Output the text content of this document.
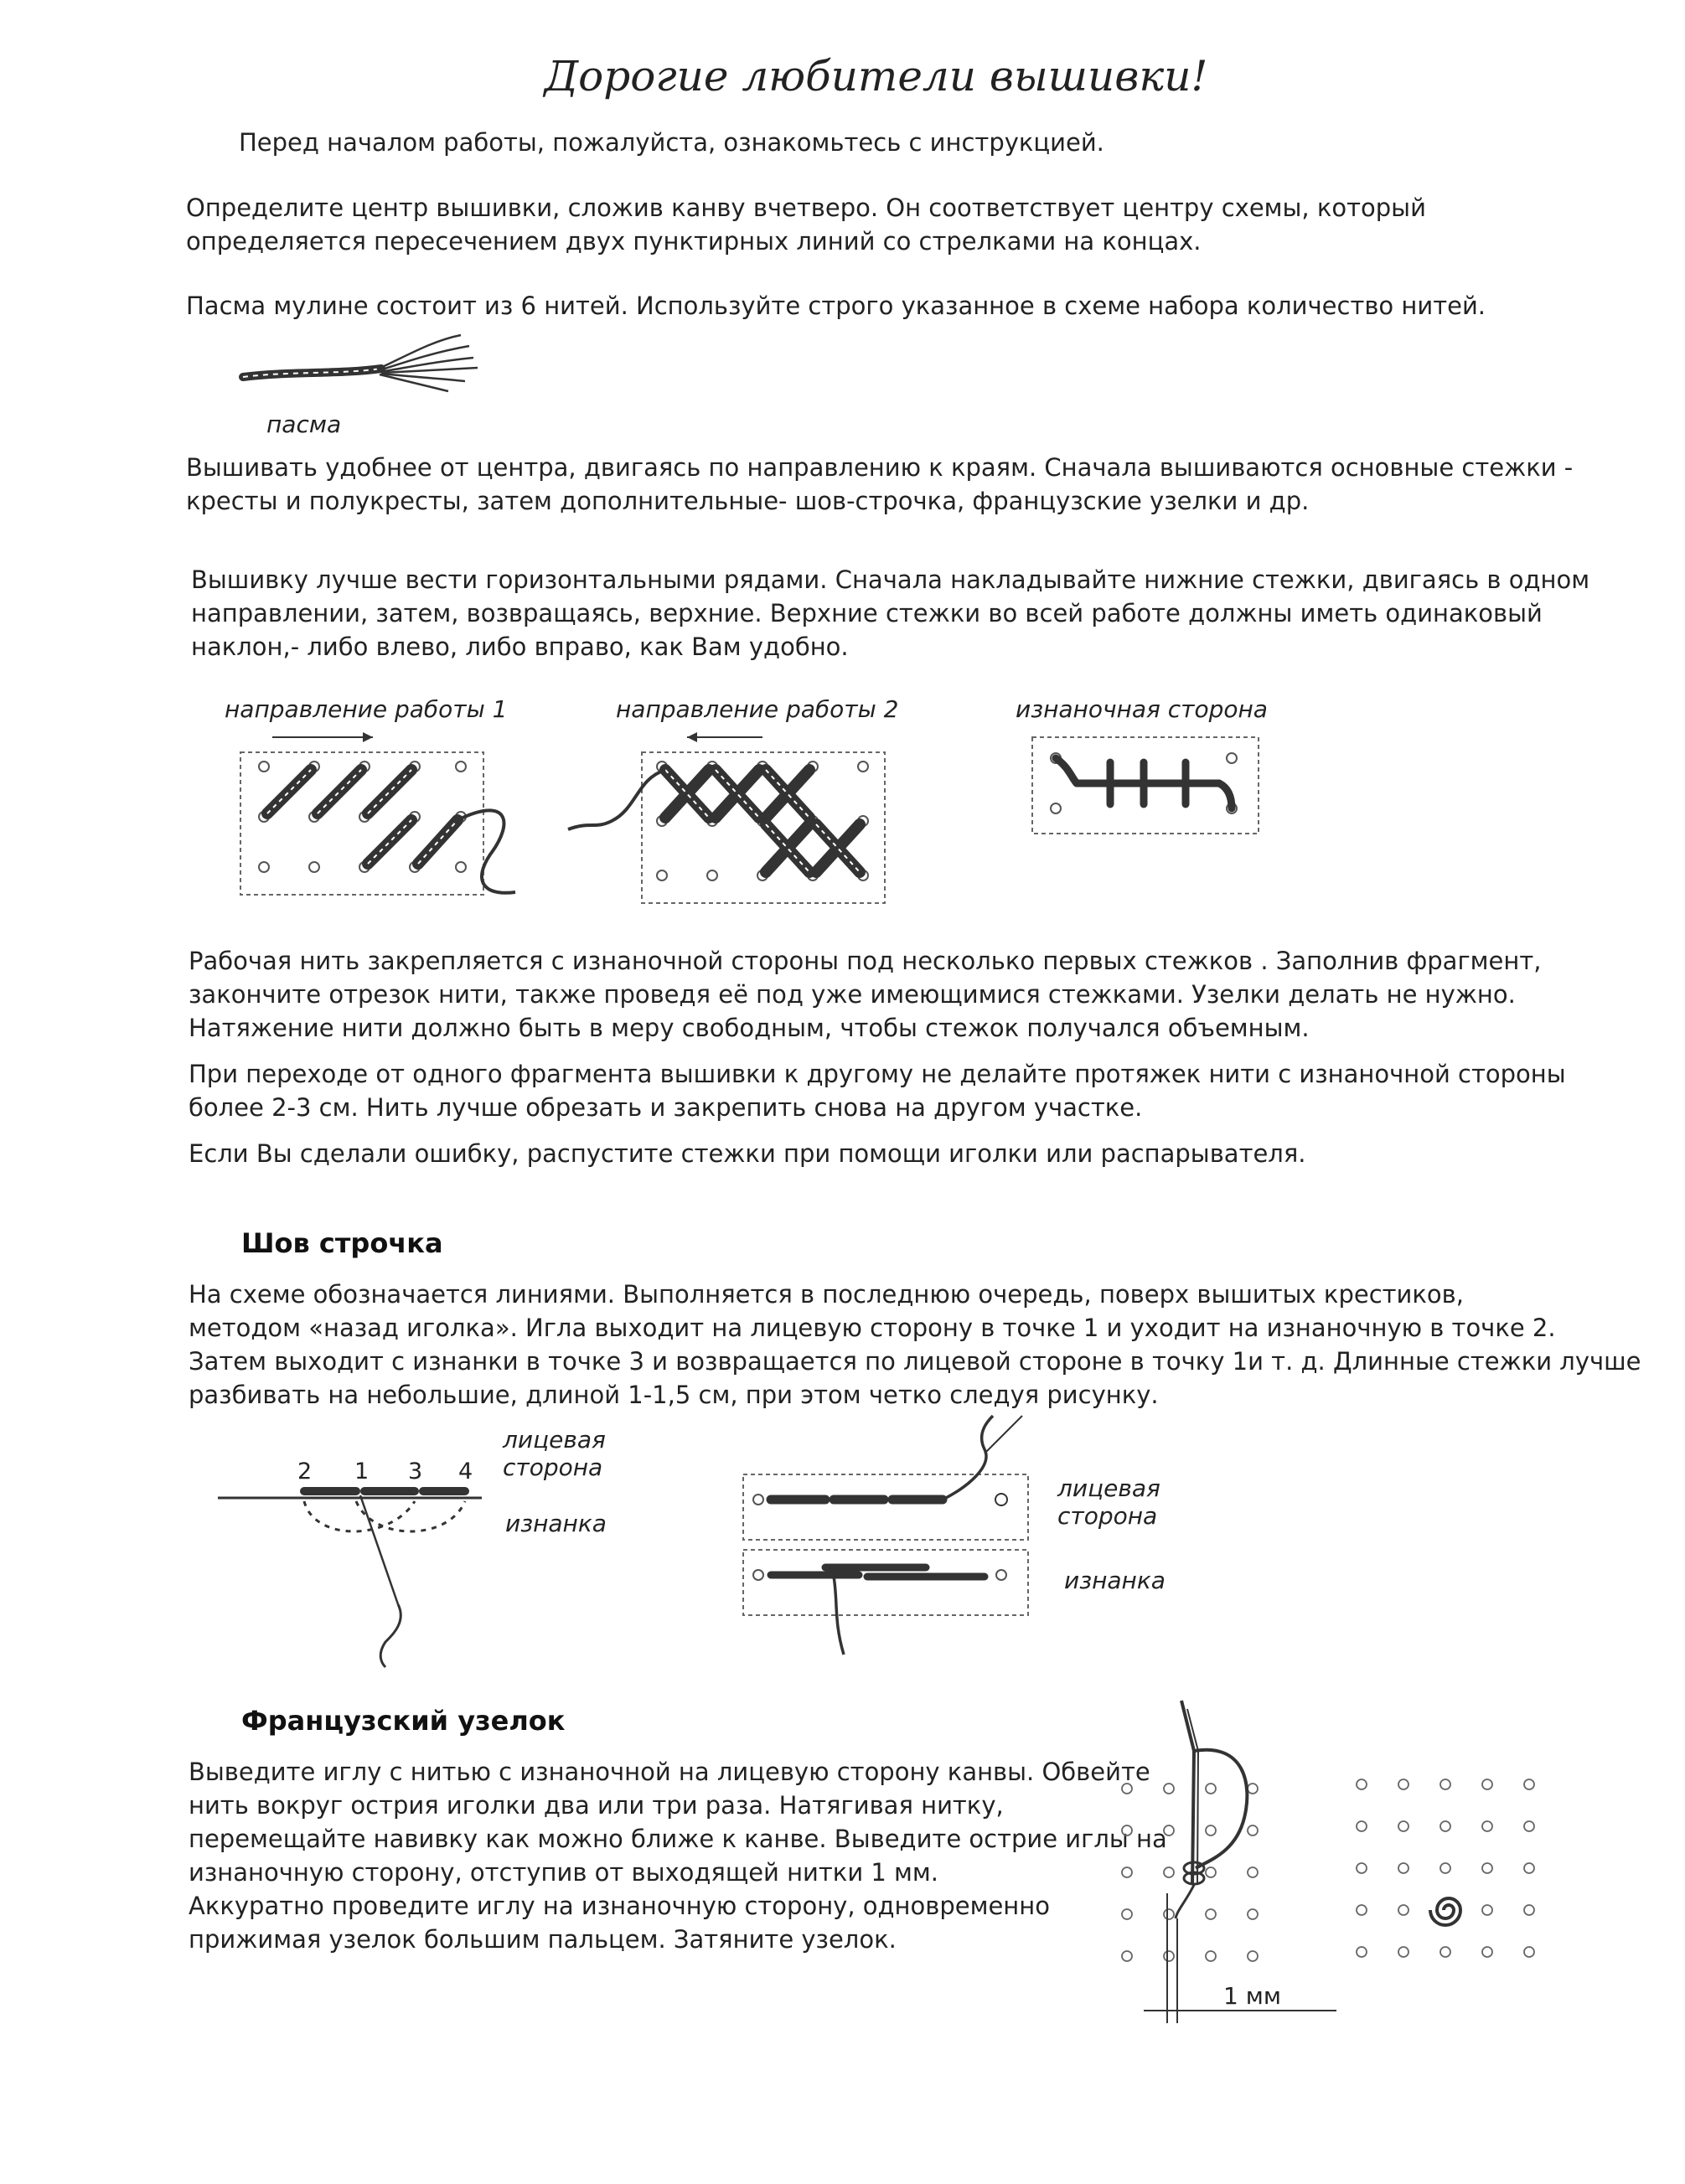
Дорогие любители вышивки!
Перед началом работы, пожалуйста, ознакомьтесь с инструкцией.
Определите центр вышивки, сложив канву вчетверо. Он соответствует центру схемы, который
определяется пересечением двух пунктирных линий со стрелками на концах.
Пасма мулине состоит из 6 нитей. Используйте строго указанное в схеме набора количество нитей.
пасма
Вышивать удобнее от центра, двигаясь по направлению к краям. Сначала вышиваются основные стежки -
кресты и полукресты, затем дополнительные- шов-строчка, французские узелки и др.
Вышивку лучше вести горизонтальными рядами. Сначала накладывайте нижние стежки, двигаясь в одном
направлении, затем, возвращаясь, верхние. Верхние стежки во всей работе должны иметь одинаковый
наклон,- либо влево, либо вправо, как Вам удобно.
направление работы 1	направление работы 2	изнаночная сторона
Рабочая нить закрепляется с изнаночной стороны под несколько первых стежков . Заполнив фрагмент,
закончите отрезок нити, также проведя её под уже имеющимися стежками. Узелки делать не нужно.
Натяжение нити должно быть в меру свободным, чтобы стежок получался объемным.
При переходе от одного фрагмента вышивки к другому не делайте протяжек нити с изнаночной стороны
более 2-3 см. Нить лучше обрезать и закрепить снова на другом участке.
Если Вы сделали ошибку, распустите стежки при помощи иголки или распарывателя.
Шов строчка
На схеме обозначается линиями. Выполняется в последнюю очередь, поверх вышитых крестиков,
методом «назад иголка». Игла выходит на лицевую сторону в точке 1 и уходит на изнаночную в точке 2.
Затем выходит с изнанки в точке 3 и возвращается по лицевой стороне в точку 1и т. д. Длинные стежки лучше
разбивать на небольшие, длиной 1-1,5 см, при этом четко следуя рисунку.
2 1 3 4
лицевая
сторона
изнанка
лицевая
сторона
изнанка
Французский узелок
Выведите иглу с нитью с изнаночной на лицевую сторону канвы. Обвейте
нить вокруг острия иголки два или три раза. Натягивая нитку,
перемещайте навивку как можно ближе к канве. Выведите острие иглы на
изнаночную сторону, отступив от выходящей нитки 1 мм.
Аккуратно проведите иглу на изнаночную сторону, одновременно
прижимая узелок большим пальцем. Затяните узелок.
1 мм
